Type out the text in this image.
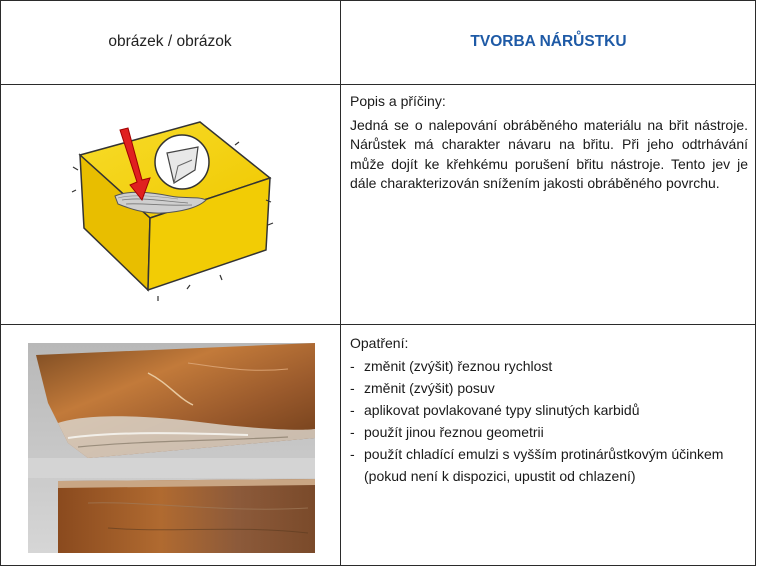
obrázek / obrázok	TVORBA NÁRŮSTKU
Popis a příčiny:
Jedná se o nalepování obráběného materiálu na břit nástroje. Nárůstek má charakter návaru na břitu. Při jeho odtrhávání může dojít ke křehkému porušení břitu nástroje. Tento jev je dále charakterizován snížením jakosti obráběného povrchu.
Opatření:
- změnit (zvýšit) řeznou rychlost
- změnit (zvýšit) posuv
- aplikovat povlakované typy slinutých karbidů
- použít jinou řeznou geometrii
- použít chladící emulzi s vyšším protinárůstkovým účinkem (pokud není k dispozici, upustit od chlazení)
